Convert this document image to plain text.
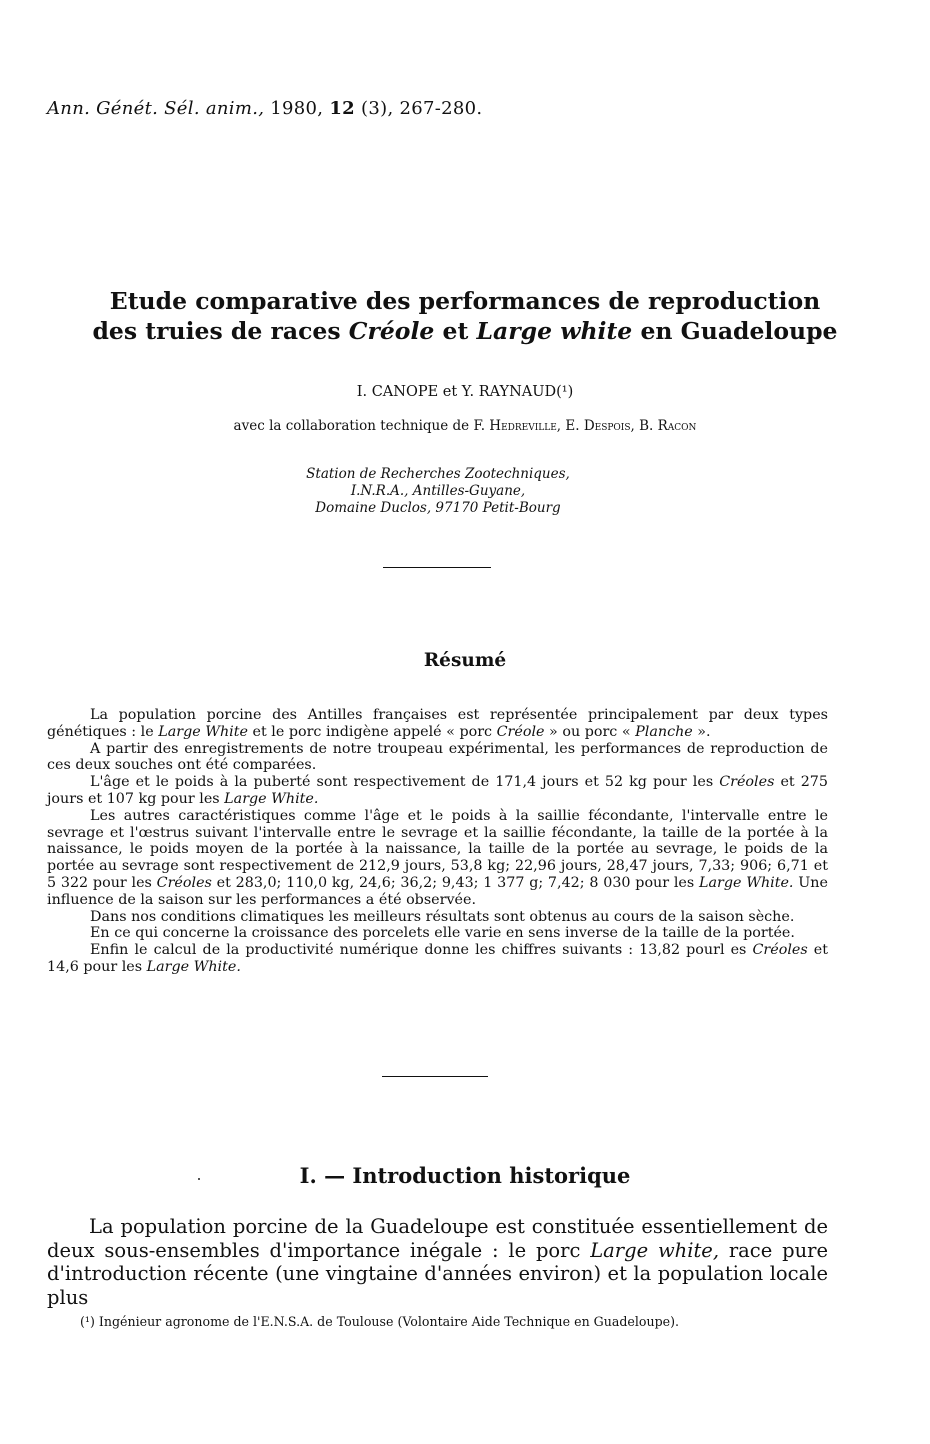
Ann. Génét. Sél. anim., 1980, 12 (3), 267-280.
Etude comparative des performances de reproduction
des truies de races Créole et Large white en Guadeloupe
I. CANOPE et Y. RAYNAUD(¹)
avec la collaboration technique de F. Hedreville, E. Despois, B. Racon
Station de Recherches Zootechniques,
I.N.R.A., Antilles-Guyane,
Domaine Duclos, 97170 Petit-Bourg
Résumé

La population porcine des Antilles françaises est représentée principalement par deux types génétiques : le Large White et le porc indigène appelé « porc Créole » ou porc « Planche ».

A partir des enregistrements de notre troupeau expérimental, les performances de reproduction de ces deux souches ont été comparées.

L'âge et le poids à la puberté sont respectivement de 171,4 jours et 52 kg pour les Créoles et 275 jours et 107 kg pour les Large White.

Les autres caractéristiques comme l'âge et le poids à la saillie fécondante, l'intervalle entre le sevrage et l'œstrus suivant l'intervalle entre le sevrage et la saillie fécondante, la taille de la portée à la naissance, le poids moyen de la portée à la naissance, la taille de la portée au sevrage, le poids de la portée au sevrage sont respectivement de 212,9 jours, 53,8 kg; 22,96 jours, 28,47 jours, 7,33; 906; 6,71 et 5 322 pour les Créoles et 283,0; 110,0 kg, 24,6; 36,2; 9,43; 1 377 g; 7,42; 8 030 pour les Large White. Une influence de la saison sur les performances a été observée.

Dans nos conditions climatiques les meilleurs résultats sont obtenus au cours de la saison sèche.

En ce qui concerne la croissance des porcelets elle varie en sens inverse de la taille de la portée.

Enfin le calcul de la productivité numérique donne les chiffres suivants : 13,82 pourl es Créoles et 14,6 pour les Large White.

I. — Introduction historique

La population porcine de la Guadeloupe est constituée essentiellement de deux sous-ensembles d'importance inégale : le porc Large white, race pure d'introduction récente (une vingtaine d'années environ) et la population locale plus

(¹) Ingénieur agronome de l'E.N.S.A. de Toulouse (Volontaire Aide Technique en Guadeloupe).
